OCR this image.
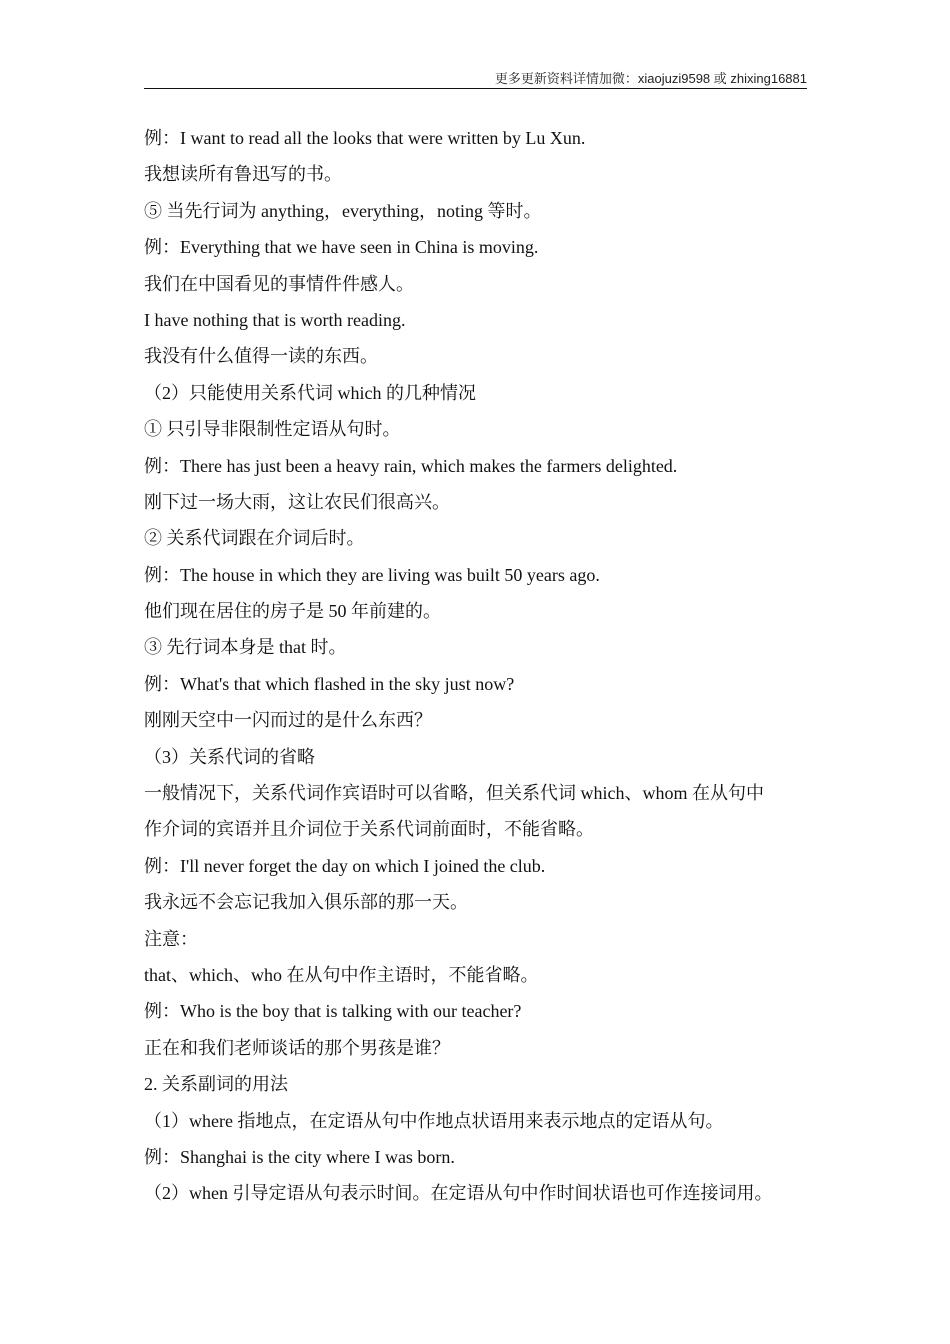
更多更新资料详情加微：xiaojuzi9598 或 zhixing16881
例：I want to read all the looks that were written by Lu Xun.
我想读所有鲁迅写的书。
⑤ 当先行词为 anything，everything，noting 等时。
例：Everything that we have seen in China is moving.
我们在中国看见的事情件件感人。
I have nothing that is worth reading.
我没有什么值得一读的东西。
（2）只能使用关系代词 which 的几种情况
① 只引导非限制性定语从句时。
例：There has just been a heavy rain, which makes the farmers delighted.
刚下过一场大雨，这让农民们很高兴。
② 关系代词跟在介词后时。
例：The house in which they are living was built 50 years ago.
他们现在居住的房子是 50 年前建的。
③ 先行词本身是 that 时。
例：What's that which flashed in the sky just now?
刚刚天空中一闪而过的是什么东西？
（3）关系代词的省略
一般情况下，关系代词作宾语时可以省略，但关系代词 which、whom 在从句中
作介词的宾语并且介词位于关系代词前面时，不能省略。
例：I'll never forget the day on which I joined the club.
我永远不会忘记我加入俱乐部的那一天。
注意：
that、which、who 在从句中作主语时，不能省略。
例：Who is the boy that is talking with our teacher?
正在和我们老师谈话的那个男孩是谁？
2. 关系副词的用法
（1）where 指地点，在定语从句中作地点状语用来表示地点的定语从句。
例：Shanghai is the city where I was born.
（2）when 引导定语从句表示时间。在定语从句中作时间状语也可作连接词用。
